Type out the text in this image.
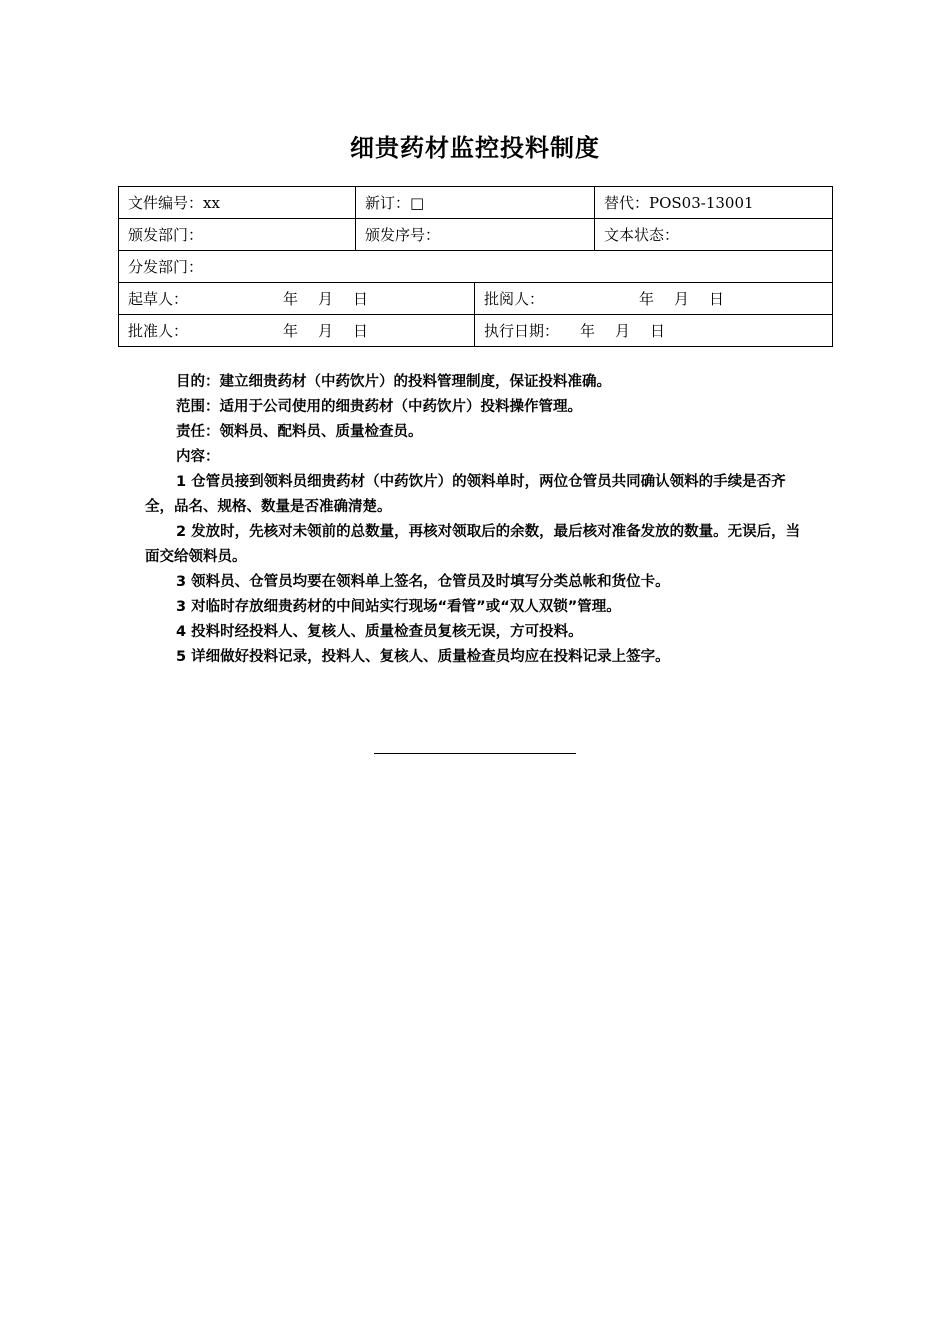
细贵药材监控投料制度
文件编号：xx	新订：□		替代：POS03-13001
颁发部门：	颁发序号：		文本状态：
分发部门：			
起草人： 年 月 日		批阅人： 年 月 日	
批准人： 年 月 日		执行日期： 年 月 日	

目的：建立细贵药材（中药饮片）的投料管理制度，保证投料准确。

范围：适用于公司使用的细贵药材（中药饮片）投料操作管理。

责任：领料员、配料员、质量检查员。

内容：

1 仓管员接到领料员细贵药材（中药饮片）的领料单时，两位仓管员共同确认领料的手续是否齐全，品名、规格、数量是否准确清楚。

2 发放时，先核对未领前的总数量，再核对领取后的余数，最后核对准备发放的数量。无误后，当面交给领料员。

3 领料员、仓管员均要在领料单上签名，仓管员及时填写分类总帐和货位卡。

3 对临时存放细贵药材的中间站实行现场“看管”或“双人双锁”管理。

4 投料时经投料人、复核人、质量检查员复核无误，方可投料。

5 详细做好投料记录，投料人、复核人、质量检查员均应在投料记录上签字。
